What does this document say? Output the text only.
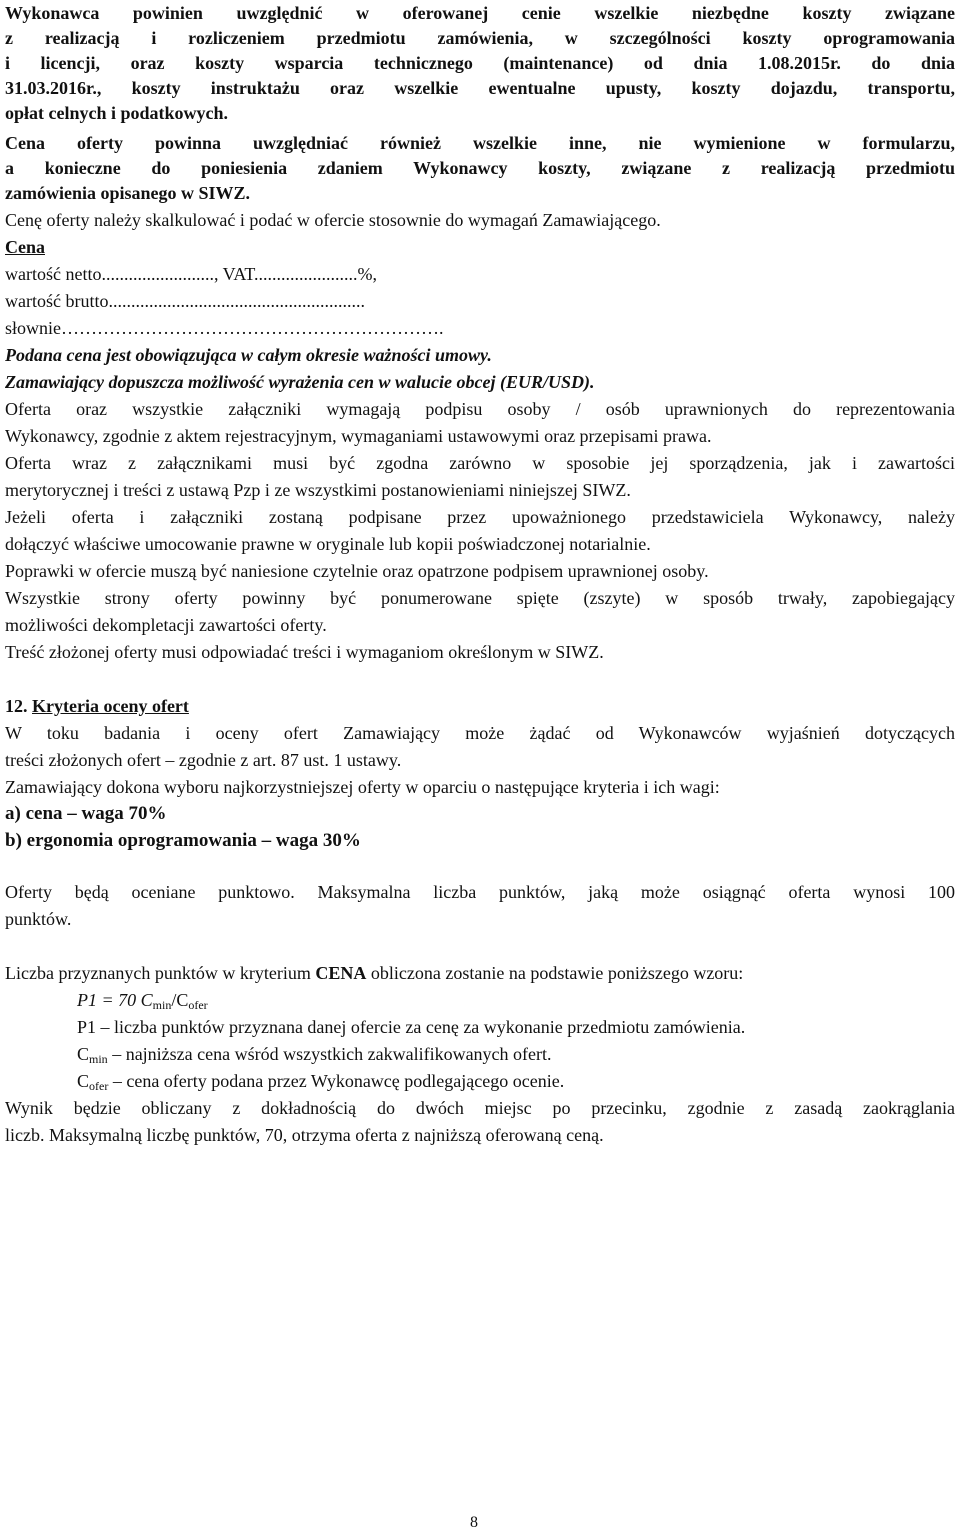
Wykonawca powinien uwzględnić w oferowanej cenie wszelkie niezbędne koszty związane
z realizacją i rozliczeniem przedmiotu zamówienia, w szczególności koszty oprogramowania
i licencji, oraz koszty wsparcia technicznego (maintenance) od dnia 1.08.2015r. do dnia
31.03.2016r., koszty instruktażu oraz wszelkie ewentualne upusty, koszty dojazdu, transportu,
opłat celnych i podatkowych.
Cena oferty powinna uwzględniać również wszelkie inne, nie wymienione w formularzu,
a konieczne do poniesienia zdaniem Wykonawcy koszty, związane z realizacją przedmiotu
zamówienia opisanego w SIWZ.
Cenę oferty należy skalkulować i podać w ofercie stosownie do wymagań Zamawiającego.
Cena
wartość netto........................., VAT.......................%,
wartość brutto.........................................................
słownie……………………………………………………….
Podana cena jest obowiązująca w całym okresie ważności umowy.
Zamawiający dopuszcza możliwość wyrażenia cen w walucie obcej (EUR/USD).
Oferta oraz wszystkie załączniki wymagają podpisu osoby / osób uprawnionych do reprezentowania
Wykonawcy, zgodnie z aktem rejestracyjnym, wymaganiami ustawowymi oraz przepisami prawa.
Oferta wraz z załącznikami musi być zgodna zarówno w sposobie jej sporządzenia, jak i zawartości
merytorycznej i treści z ustawą Pzp i ze wszystkimi postanowieniami niniejszej SIWZ.
Jeżeli oferta i załączniki zostaną podpisane przez upoważnionego przedstawiciela Wykonawcy, należy
dołączyć właściwe umocowanie prawne w oryginale lub kopii poświadczonej notarialnie.
Poprawki w ofercie muszą być naniesione czytelnie oraz opatrzone podpisem uprawnionej osoby.
Wszystkie strony oferty powinny być ponumerowane spięte (zszyte) w sposób trwały, zapobiegający
możliwości dekompletacji zawartości oferty.
Treść złożonej oferty musi odpowiadać treści i wymaganiom określonym w SIWZ.
12. Kryteria oceny ofert
W toku badania i oceny ofert Zamawiający może żądać od Wykonawców wyjaśnień dotyczących
treści złożonych ofert – zgodnie z art. 87 ust. 1 ustawy.
Zamawiający dokona wyboru najkorzystniejszej oferty w oparciu o następujące kryteria i ich wagi:
a) cena – waga 70%
b) ergonomia oprogramowania – waga 30%
Oferty będą oceniane punktowo. Maksymalna liczba punktów, jaką może osiągnąć oferta wynosi 100
punktów.
Liczba przyznanych punktów w kryterium CENA obliczona zostanie na podstawie poniższego wzoru:
P1 = 70 $C_{min}/C_{ofer}$
P1 – liczba punktów przyznana danej ofercie za cenę za wykonanie przedmiotu zamówienia.
$C_{min}$ – najniższa cena wśród wszystkich zakwalifikowanych ofert.
$C_{ofer}$ – cena oferty podana przez Wykonawcę podlegającego ocenie.
Wynik będzie obliczany z dokładnością do dwóch miejsc po przecinku, zgodnie z zasadą zaokrąglania
liczb. Maksymalną liczbę punktów, 70, otrzyma oferta z najniższą oferowaną ceną.
8
